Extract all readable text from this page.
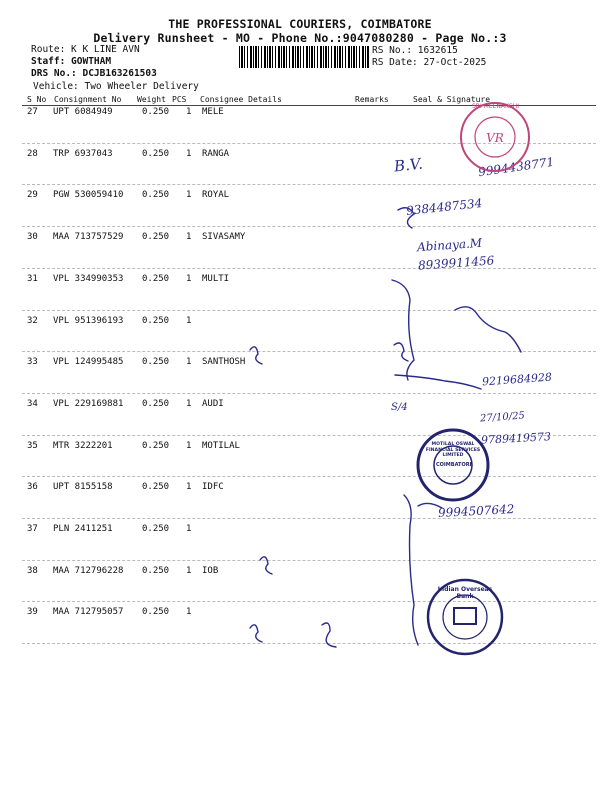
THE PROFESSIONAL COURIERS, COIMBATORE
Delivery Runsheet - MO - Phone No.:9047080280 - Page No.:3
Route: K K LINE AVN
Staff: GOWTHAM
DRS No.: DCJB163261503
Vehicle: Two Wheeler Delivery
RS No.: 1632615
RS Date: 27-Oct-2025
S No Consignment No Weight PCS Consignee Details	Remarks	Seal & Signature
27 UPT 6084949	0.250 1 MELE
28 TRP 6937043	0.250 1 RANGA
29 PGW 530059410 0.250 1 ROYAL
30 MAA 713757529 0.250 1 SIVASAMY
31 VPL 334990353 0.250 1 MULTI
32 VPL 951396193 0.250 1
33 VPL 124995485 0.250 1 SANTHOSH
34 VPL 229169881 0.250 1 AUDI
35 MTR 3222201	0.250 1 MOTILAL
36 UPT 8155158	0.250 1 IDFC
37 PLN 2411251	0.250 1
38 MAA 712796228 0.250 1 IOB
39 MAA 712795057 0.250 1
B.V.	9994438771
9384487534
Abinaya.M
8939911456
9219684928
S/4
27/10/25
9789419573
9994507642
VR
SRI MEENAKSHI
MOTILAL OSWAL FINANCIAL SERVICES LIMITED
COIMBATORE
Indian Overseas Bank
